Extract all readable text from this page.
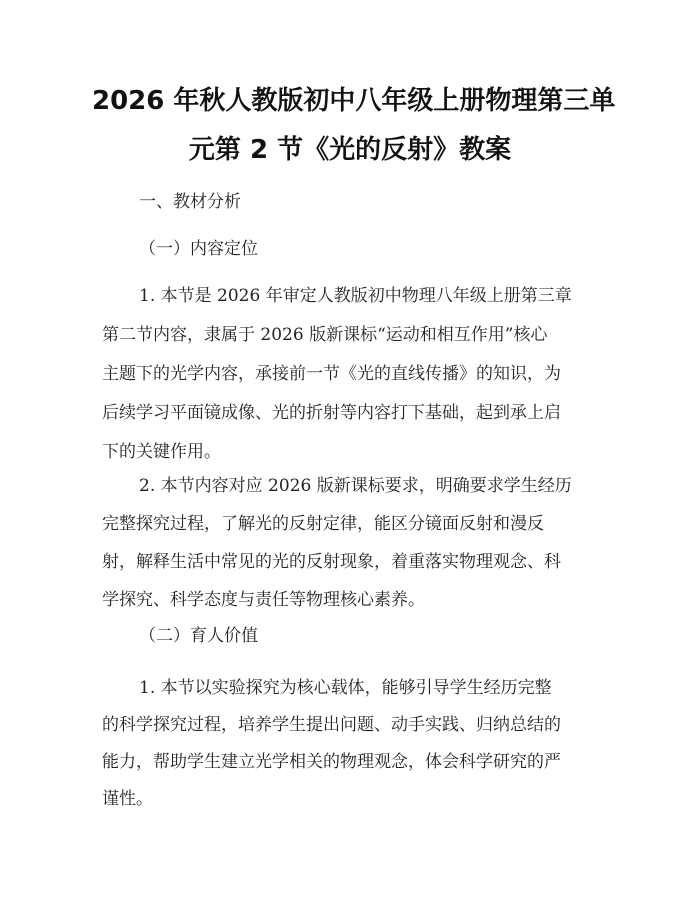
2026 年秋人教版初中八年级上册物理第三单
元第 2 节《光的反射》教案
一、教材分析
（一）内容定位
1. 本节是 2026 年审定人教版初中物理八年级上册第三章
第二节内容，隶属于 2026 版新课标“运动和相互作用”核心
主题下的光学内容，承接前一节《光的直线传播》的知识，为
后续学习平面镜成像、光的折射等内容打下基础，起到承上启
下的关键作用。
2. 本节内容对应 2026 版新课标要求，明确要求学生经历
完整探究过程，了解光的反射定律，能区分镜面反射和漫反
射，解释生活中常见的光的反射现象，着重落实物理观念、科
学探究、科学态度与责任等物理核心素养。
（二）育人价值
1. 本节以实验探究为核心载体，能够引导学生经历完整
的科学探究过程，培养学生提出问题、动手实践、归纳总结的
能力，帮助学生建立光学相关的物理观念，体会科学研究的严
谨性。
